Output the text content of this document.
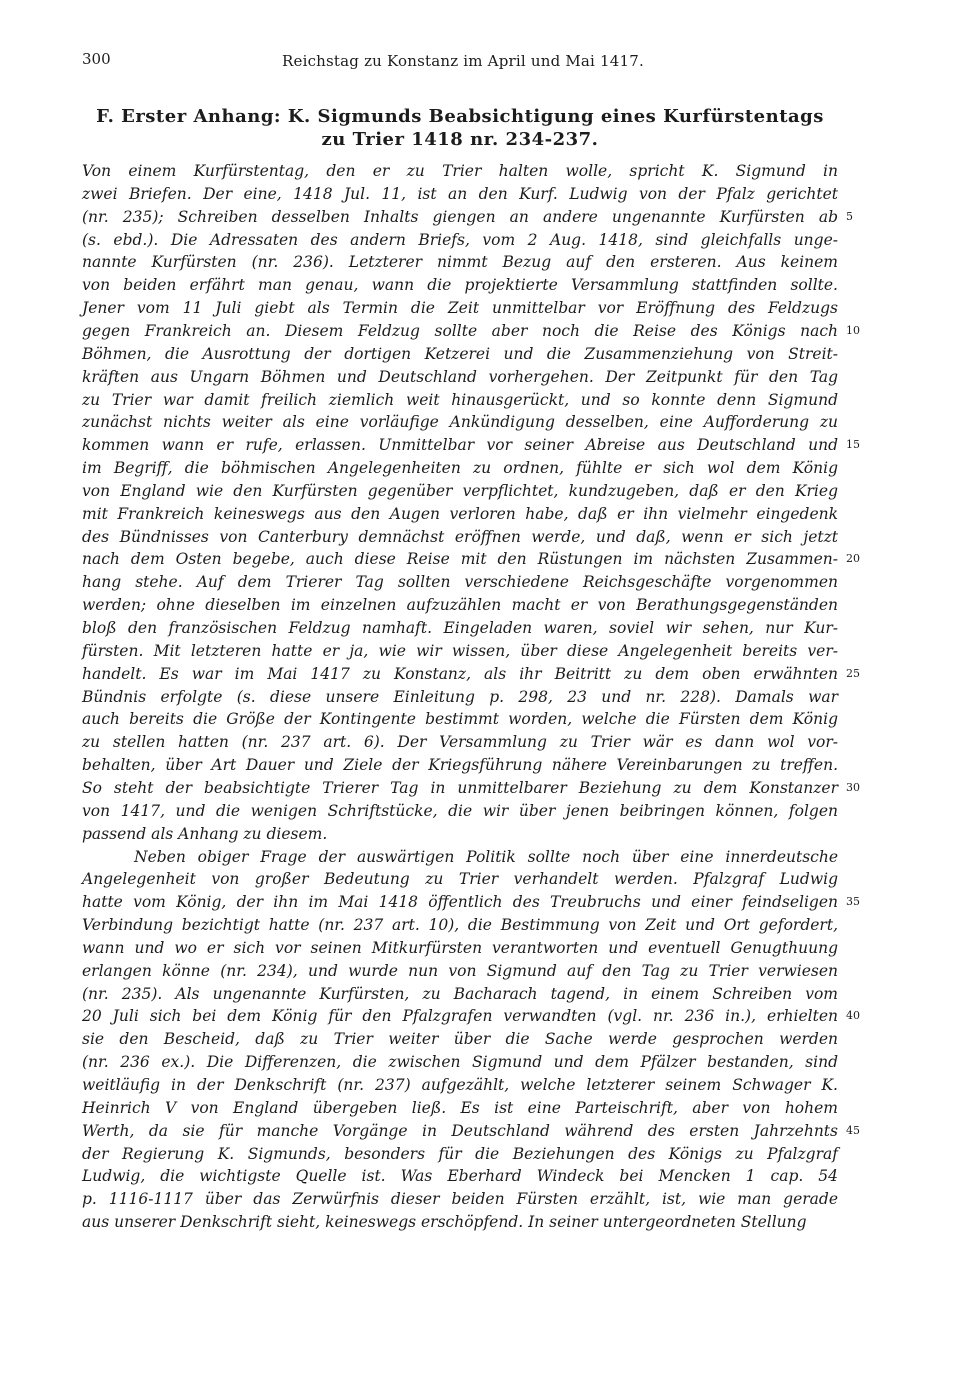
300	Reichstag zu Konstanz im April und Mai 1417.
F. Erster Anhang: K. Sigmunds Beabsichtigung eines Kurfürstentags
zu Trier 1418 nr. 234-237.
Von einem Kurfürstentag, den er zu Trier halten wolle, spricht K. Sigmund in
zwei Briefen. Der eine, 1418 Jul. 11, ist an den Kurf. Ludwig von der Pfalz gerichtet
(nr. 235); Schreiben desselben Inhalts giengen an andere ungenannte Kurfürsten ab
(s. ebd.). Die Adressaten des andern Briefs, vom 2 Aug. 1418, sind gleichfalls unge-
nannte Kurfürsten (nr. 236). Letzterer nimmt Bezug auf den ersteren. Aus keinem
von beiden erfährt man genau, wann die projektierte Versammlung stattfinden sollte.
Jener vom 11 Juli giebt als Termin die Zeit unmittelbar vor Eröffnung des Feldzugs
gegen Frankreich an. Diesem Feldzug sollte aber noch die Reise des Königs nach
Böhmen, die Ausrottung der dortigen Ketzerei und die Zusammenziehung von Streit-
kräften aus Ungarn Böhmen und Deutschland vorhergehen. Der Zeitpunkt für den Tag
zu Trier war damit freilich ziemlich weit hinausgerückt, und so konnte denn Sigmund
zunächst nichts weiter als eine vorläufige Ankündigung desselben, eine Aufforderung zu
kommen wann er rufe, erlassen. Unmittelbar vor seiner Abreise aus Deutschland und
im Begriff, die böhmischen Angelegenheiten zu ordnen, fühlte er sich wol dem König
von England wie den Kurfürsten gegenüber verpflichtet, kundzugeben, daß er den Krieg
mit Frankreich keineswegs aus den Augen verloren habe, daß er ihn vielmehr eingedenk
des Bündnisses von Canterbury demnächst eröffnen werde, und daß, wenn er sich jetzt
nach dem Osten begebe, auch diese Reise mit den Rüstungen im nächsten Zusammen-
hang stehe. Auf dem Trierer Tag sollten verschiedene Reichsgeschäfte vorgenommen
werden; ohne dieselben im einzelnen aufzuzählen macht er von Berathungsgegenständen
bloß den französischen Feldzug namhaft. Eingeladen waren, soviel wir sehen, nur Kur-
fürsten. Mit letzteren hatte er ja, wie wir wissen, über diese Angelegenheit bereits ver-
handelt. Es war im Mai 1417 zu Konstanz, als ihr Beitritt zu dem oben erwähnten
Bündnis erfolgte (s. diese unsere Einleitung p. 298, 23 und nr. 228). Damals war
auch bereits die Größe der Kontingente bestimmt worden, welche die Fürsten dem König
zu stellen hatten (nr. 237 art. 6). Der Versammlung zu Trier wär es dann wol vor-
behalten, über Art Dauer und Ziele der Kriegsführung nähere Vereinbarungen zu treffen.
So steht der beabsichtigte Trierer Tag in unmittelbarer Beziehung zu dem Konstanzer
von 1417, und die wenigen Schriftstücke, die wir über jenen beibringen können, folgen
passend als Anhang zu diesem.
Neben obiger Frage der auswärtigen Politik sollte noch über eine innerdeutsche
Angelegenheit von großer Bedeutung zu Trier verhandelt werden. Pfalzgraf Ludwig
hatte vom König, der ihn im Mai 1418 öffentlich des Treubruchs und einer feindseligen
Verbindung bezichtigt hatte (nr. 237 art. 10), die Bestimmung von Zeit und Ort gefordert,
wann und wo er sich vor seinen Mitkurfürsten verantworten und eventuell Genugthuung
erlangen könne (nr. 234), und wurde nun von Sigmund auf den Tag zu Trier verwiesen
(nr. 235). Als ungenannte Kurfürsten, zu Bacharach tagend, in einem Schreiben vom
20 Juli sich bei dem König für den Pfalzgrafen verwandten (vgl. nr. 236 in.), erhielten
sie den Bescheid, daß zu Trier weiter über die Sache werde gesprochen werden
(nr. 236 ex.). Die Differenzen, die zwischen Sigmund und dem Pfälzer bestanden, sind
weitläufig in der Denkschrift (nr. 237) aufgezählt, welche letzterer seinem Schwager K.
Heinrich V von England übergeben ließ. Es ist eine Parteischrift, aber von hohem
Werth, da sie für manche Vorgänge in Deutschland während des ersten Jahrzehnts
der Regierung K. Sigmunds, besonders für die Beziehungen des Königs zu Pfalzgraf
Ludwig, die wichtigste Quelle ist. Was Eberhard Windeck bei Mencken 1 cap. 54
p. 1116-1117 über das Zerwürfnis dieser beiden Fürsten erzählt, ist, wie man gerade
aus unserer Denkschrift sieht, keineswegs erschöpfend. In seiner untergeordneten Stellung
5
10
15
20
25
30
35
40
45
